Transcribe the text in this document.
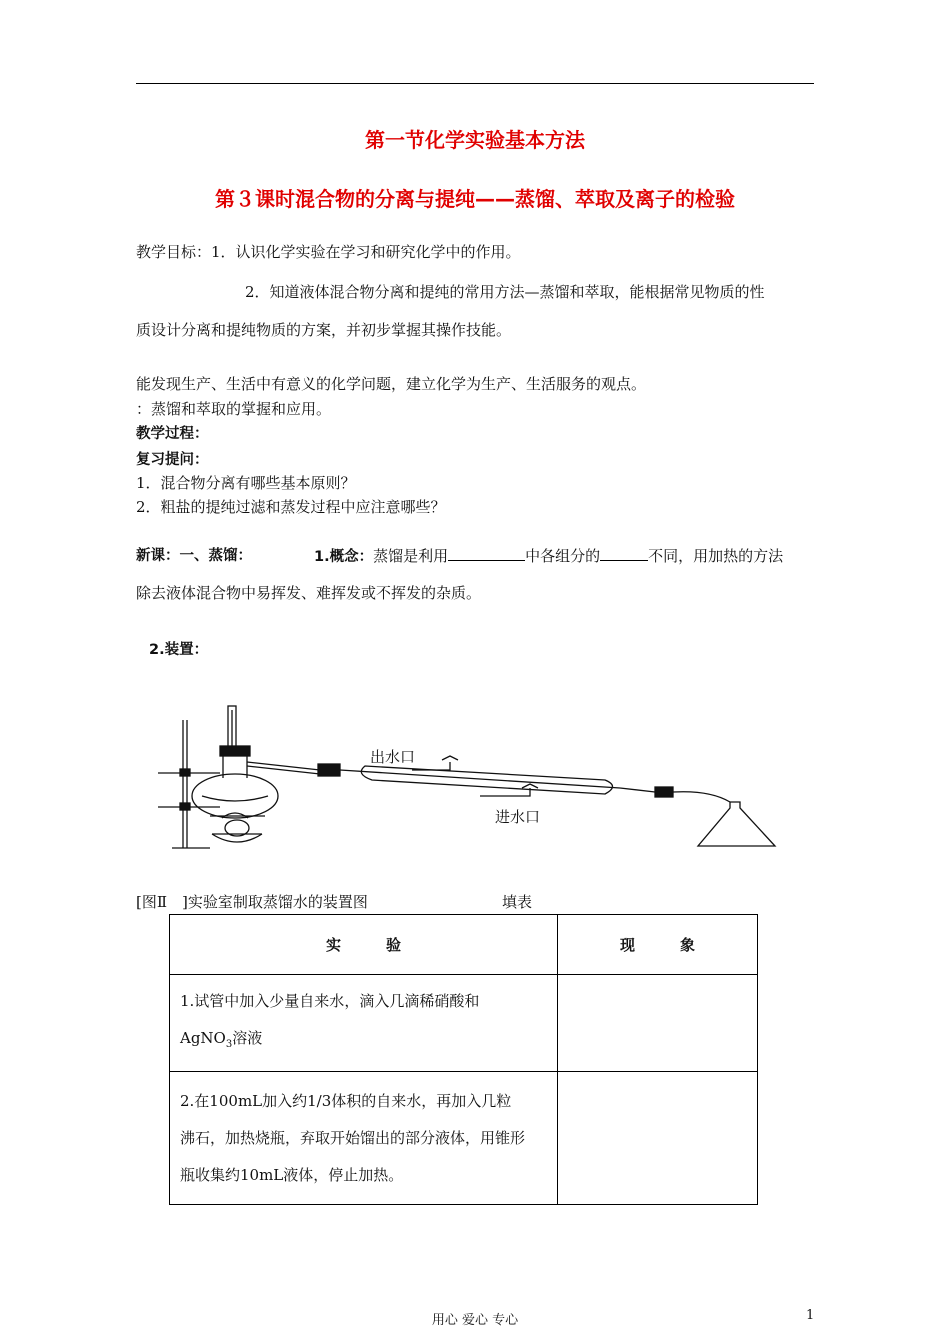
第一节化学实验基本方法
第３课时混合物的分离与提纯——蒸馏、萃取及离子的检验
教学目标：1．认识化学实验在学习和研究化学中的作用。
2．知道液体混合物分离和提纯的常用方法—蒸馏和萃取，能根据常见物质的性
质设计分离和提纯物质的方案，并初步掌握其操作技能。
能发现生产、生活中有意义的化学问题，建立化学为生产、生活服务的观点。
：蒸馏和萃取的掌握和应用。
教学过程：
复习提问：
1．混合物分离有哪些基本原则？
2．粗盐的提纯过滤和蒸发过程中应注意哪些？
新课：一、蒸馏：	1.概念：蒸馏是利用	中各组分的	不同，用加热的方法
除去液体混合物中易挥发、难挥发或不挥发的杂质。
2.装置：
出水口
进水口
[图Ⅱ　]实验室制取蒸馏水的装置图	填表
实　　　验	现　　　象

1.试管中加入少量自来水，滴入几滴稀硝酸和
AgNO$_3$溶液	

2.在100mL加入约1/3体积的自来水，再加入几粒
沸石，加热烧瓶，弃取开始馏出的部分液体，用锥形
瓶收集约10mL液体，停止加热。	

用心 爱心 专心	1
